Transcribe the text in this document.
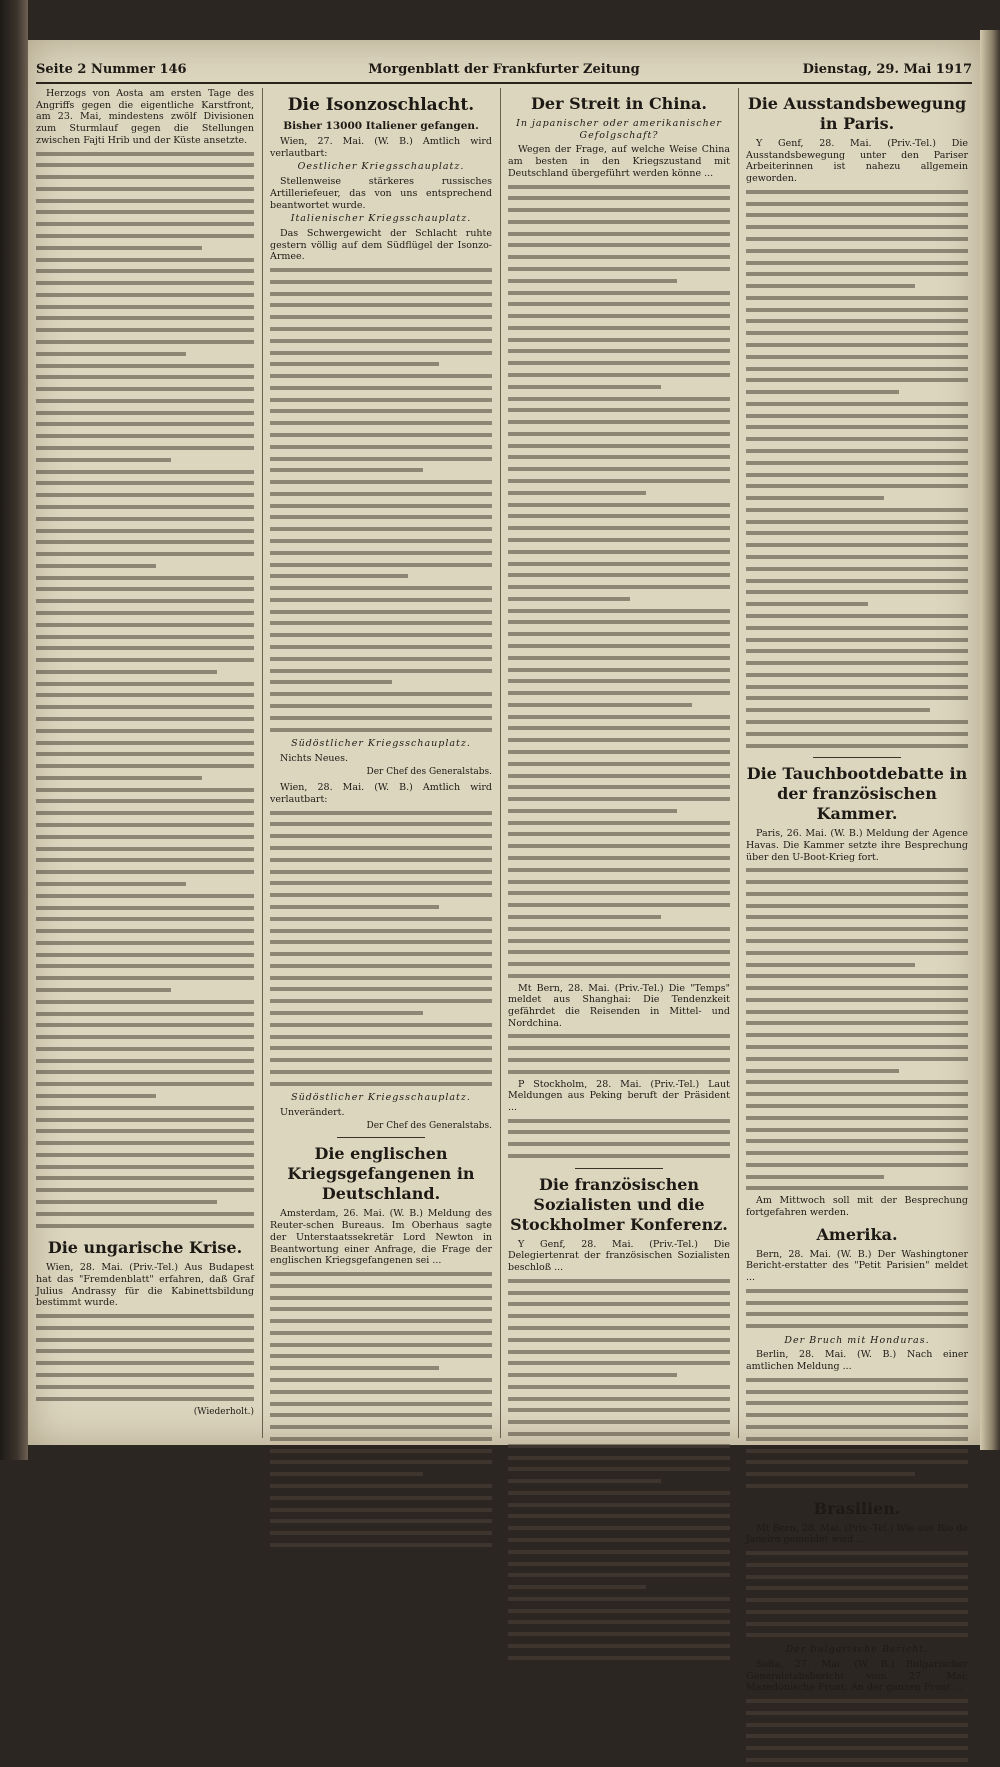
Seite 2 Nummer 146	Morgenblatt der Frankfurter Zeitung	Dienstag, 29. Mai 1917

Herzogs von Aosta am ersten Tage des Angriffs gegen die eigentliche Karstfront, am 23. Mai, mindestens zwölf Divisionen zum Sturmlauf gegen die Stellungen zwischen Fajti Hrib und der Küste ansetzte.

Die ungarische Krise.

Wien, 28. Mai. (Priv.-Tel.) Aus Budapest hat das "Fremdenblatt" erfahren, daß Graf Julius Andrassy für die Kabinettsbildung bestimmt wurde.

(Wiederholt.)
Die Isonzoschlacht.
Bisher 13000 Italiener gefangen.

Wien, 27. Mai. (W. B.) Amtlich wird verlautbart:

Oestlicher Kriegsschauplatz.

Stellenweise stärkeres russisches Artilleriefeuer, das von uns entsprechend beantwortet wurde.

Italienischer Kriegsschauplatz.

Das Schwergewicht der Schlacht ruhte gestern völlig auf dem Südflügel der Isonzo-Armee.

Südöstlicher Kriegsschauplatz.

Nichts Neues.

Der Chef des Generalstabs.

Wien, 28. Mai. (W. B.) Amtlich wird verlautbart:

Südöstlicher Kriegsschauplatz.

Unverändert.

Der Chef des Generalstabs.
Die englischen Kriegsgefangenen in Deutschland.

Amsterdam, 26. Mai. (W. B.) Meldung des Reuter-schen Bureaus. Im Oberhaus sagte der Unterstaatssekretär Lord Newton in Beantwortung einer Anfrage, die Frage der englischen Kriegsgefangenen sei ...

Der Streit in China.
In japanischer oder amerikanischer Gefolgschaft?

Wegen der Frage, auf welche Weise China am besten in den Kriegszustand mit Deutschland übergeführt werden könne ...

Mt Bern, 28. Mai. (Priv.-Tel.) Die "Temps" meldet aus Shanghai: Die Tendenzkeit gefährdet die Reisenden in Mittel- und Nordchina.

P Stockholm, 28. Mai. (Priv.-Tel.) Laut Meldungen aus Peking beruft der Präsident ...

Die französischen Sozialisten und die Stockholmer Konferenz.

Y Genf, 28. Mai. (Priv.-Tel.) Die Delegiertenrat der französischen Sozialisten beschloß ...

Die Ausstandsbewegung in Paris.

Y Genf, 28. Mai. (Priv.-Tel.) Die Ausstandsbewegung unter den Pariser Arbeiterinnen ist nahezu allgemein geworden.

Die Tauchbootdebatte in der französischen Kammer.

Paris, 26. Mai. (W. B.) Meldung der Agence Havas. Die Kammer setzte ihre Besprechung über den U-Boot-Krieg fort.

Am Mittwoch soll mit der Besprechung fortgefahren werden.

Amerika.

Bern, 28. Mai. (W. B.) Der Washingtoner Bericht-erstatter des "Petit Parisien" meldet ...

Der Bruch mit Honduras.

Berlin, 28. Mai. (W. B.) Nach einer amtlichen Meldung ...

Brasilien.

Mt Bern, 28. Mai. (Priv.-Tel.) Wie aus Rio de Janeiro gemeldet wird ...

Der bulgarische Bericht.

Sofia, 27. Mai. (W. B.) Bulgarischer Generalstabsbericht vom 27. Mai: Mazedonische Front: An der ganzen Front ...
